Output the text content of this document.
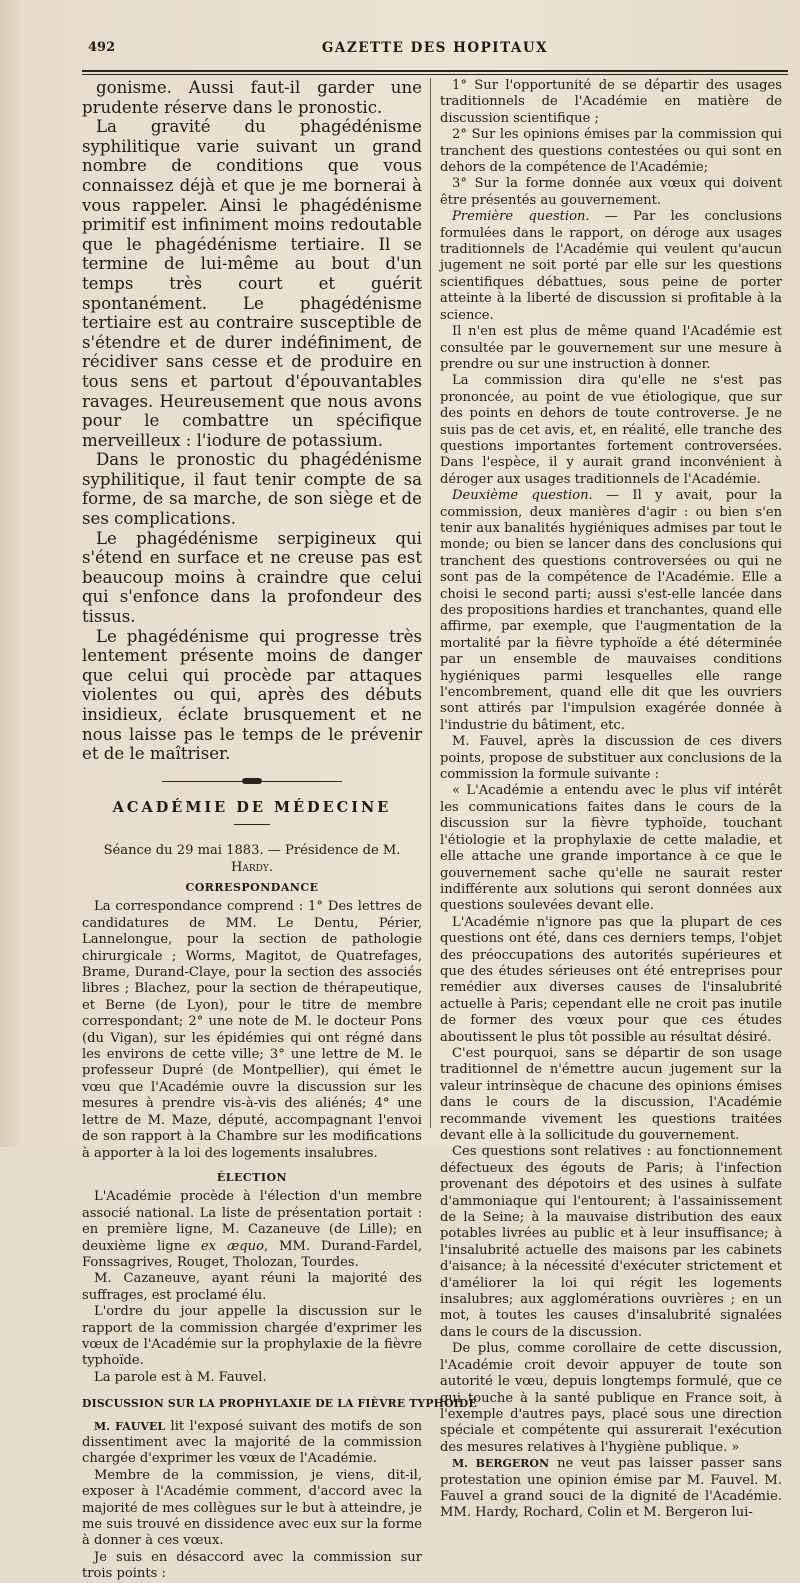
492	GAZETTE DES HOPITAUX

gonisme. Aussi faut-il garder une prudente réserve dans le pronostic.

La gravité du phagédénisme syphilitique varie suivant un grand nombre de conditions que vous connaissez déjà et que je me bornerai à vous rappeler. Ainsi le phagédénisme primitif est infiniment moins redoutable que le phagédénisme tertiaire. Il se termine de lui-même au bout d'un temps très court et guérit spontanément. Le phagédénisme tertiaire est au contraire susceptible de s'étendre et de durer indéfiniment, de récidiver sans cesse et de produire en tous sens et partout d'épouvantables ravages. Heureusement que nous avons pour le combattre un spécifique merveilleux : l'iodure de potassium.

Dans le pronostic du phagédénisme syphilitique, il faut tenir compte de sa forme, de sa marche, de son siège et de ses complications.

Le phagédénisme serpigineux qui s'étend en surface et ne creuse pas est beaucoup moins à craindre que celui qui s'enfonce dans la profondeur des tissus.

Le phagédénisme qui progresse très lentement présente moins de danger que celui qui procède par attaques violentes ou qui, après des débuts insidieux, éclate brusquement et ne nous laisse pas le temps de le prévenir et de le maîtriser.

ACADÉMIE DE MÉDECINE
Séance du 29 mai 1883. — Présidence de M. Hardy.
CORRESPONDANCE

La correspondance comprend : 1° Des lettres de candidatures de MM. Le Dentu, Périer, Lannelongue, pour la section de pathologie chirurgicale ; Worms, Magitot, de Quatrefages, Brame, Durand-Claye, pour la section des associés libres ; Blachez, pour la section de thérapeutique, et Berne (de Lyon), pour le titre de membre correspondant; 2° une note de M. le docteur Pons (du Vigan), sur les épidémies qui ont régné dans les environs de cette ville; 3° une lettre de M. le professeur Dupré (de Montpellier), qui émet le vœu que l'Académie ouvre la discussion sur les mesures à prendre vis-à-vis des aliénés; 4° une lettre de M. Maze, député, accompagnant l'envoi de son rapport à la Chambre sur les modifications à apporter à la loi des logements insalubres.

ÉLECTION

L'Académie procède à l'élection d'un membre associé national. La liste de présentation portait : en première ligne, M. Cazaneuve (de Lille); en deuxième ligne ex æquo, MM. Durand-Fardel, Fonssagrives, Rouget, Tholozan, Tourdes.

M. Cazaneuve, ayant réuni la majorité des suffrages, est proclamé élu.

L'ordre du jour appelle la discussion sur le rapport de la commission chargée d'exprimer les vœux de l'Académie sur la prophylaxie de la fièvre typhoïde.

La parole est à M. Fauvel.

DISCUSSION SUR LA PROPHYLAXIE DE LA FIÈVRE TYPHOIDE

M. FAUVEL lit l'exposé suivant des motifs de son dissentiment avec la majorité de la commission chargée d'exprimer les vœux de l'Académie.

Membre de la commission, je viens, dit-il, exposer à l'Académie comment, d'accord avec la majorité de mes collègues sur le but à atteindre, je me suis trouvé en dissidence avec eux sur la forme à donner à ces vœux.

Je suis en désaccord avec la commission sur trois points :

1° Sur l'opportunité de se départir des usages traditionnels de l'Académie en matière de discussion scientifique ;

2° Sur les opinions émises par la commission qui tranchent des questions contestées ou qui sont en dehors de la compétence de l'Académie;

3° Sur la forme donnée aux vœux qui doivent être présentés au gouvernement.

Première question. — Par les conclusions formulées dans le rapport, on déroge aux usages traditionnels de l'Académie qui veulent qu'aucun jugement ne soit porté par elle sur les questions scientifiques débattues, sous peine de porter atteinte à la liberté de discussion si profitable à la science.

Il n'en est plus de même quand l'Académie est consultée par le gouvernement sur une mesure à prendre ou sur une instruction à donner.

La commission dira qu'elle ne s'est pas prononcée, au point de vue étiologique, que sur des points en dehors de toute controverse. Je ne suis pas de cet avis, et, en réalité, elle tranche des questions importantes fortement controversées. Dans l'espèce, il y aurait grand inconvénient à déroger aux usages traditionnels de l'Académie.

Deuxième question. — Il y avait, pour la commission, deux manières d'agir : ou bien s'en tenir aux banalités hygiéniques admises par tout le monde; ou bien se lancer dans des conclusions qui tranchent des questions controversées ou qui ne sont pas de la compétence de l'Académie. Elle a choisi le second parti; aussi s'est-elle lancée dans des propositions hardies et tranchantes, quand elle affirme, par exemple, que l'augmentation de la mortalité par la fièvre typhoïde a été déterminée par un ensemble de mauvaises conditions hygiéniques parmi lesquelles elle range l'encombrement, quand elle dit que les ouvriers sont attirés par l'impulsion exagérée donnée à l'industrie du bâtiment, etc.

M. Fauvel, après la discussion de ces divers points, propose de substituer aux conclusions de la commission la formule suivante :

« L'Académie a entendu avec le plus vif intérêt les communications faites dans le cours de la discussion sur la fièvre typhoïde, touchant l'étiologie et la prophylaxie de cette maladie, et elle attache une grande importance à ce que le gouvernement sache qu'elle ne saurait rester indifférente aux solutions qui seront données aux questions soulevées devant elle.

L'Académie n'ignore pas que la plupart de ces questions ont été, dans ces derniers temps, l'objet des préoccupations des autorités supérieures et que des études sérieuses ont été entreprises pour remédier aux diverses causes de l'insalubrité actuelle à Paris; cependant elle ne croit pas inutile de former des vœux pour que ces études aboutissent le plus tôt possible au résultat désiré.

C'est pourquoi, sans se départir de son usage traditionnel de n'émettre aucun jugement sur la valeur intrinsèque de chacune des opinions émises dans le cours de la discussion, l'Académie recommande vivement les questions traitées devant elle à la sollicitude du gouvernement.

Ces questions sont relatives : au fonctionnement défectueux des égouts de Paris; à l'infection provenant des dépotoirs et des usines à sulfate d'ammoniaque qui l'entourent; à l'assainissement de la Seine; à la mauvaise distribution des eaux potables livrées au public et à leur insuffisance; à l'insalubrité actuelle des maisons par les cabinets d'aisance; à la nécessité d'exécuter strictement et d'améliorer la loi qui régit les logements insalubres; aux agglomérations ouvrières ; en un mot, à toutes les causes d'insalubrité signalées dans le cours de la discussion.

De plus, comme corollaire de cette discussion, l'Académie croit devoir appuyer de toute son autorité le vœu, depuis longtemps formulé, que ce qui touche à la santé publique en France soit, à l'exemple d'autres pays, placé sous une direction spéciale et compétente qui assurerait l'exécution des mesures relatives à l'hygiène publique. »

M. BERGERON ne veut pas laisser passer sans protestation une opinion émise par M. Fauvel. M. Fauvel a grand souci de la dignité de l'Académie. MM. Hardy, Rochard, Colin et M. Bergeron lui-
